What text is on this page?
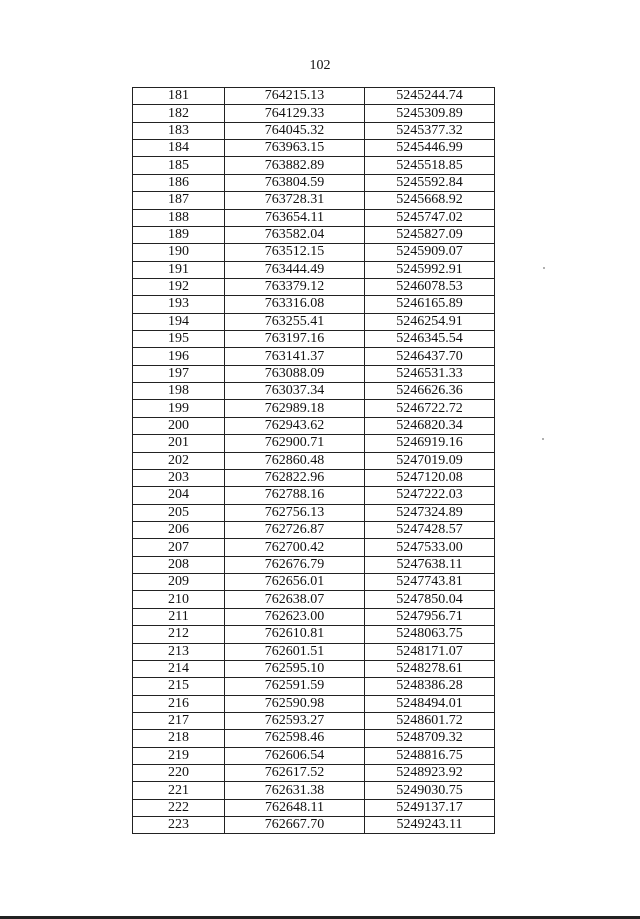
102
181	764215.13	5245244.74
182	764129.33	5245309.89
183	764045.32	5245377.32
184	763963.15	5245446.99
185	763882.89	5245518.85
186	763804.59	5245592.84
187	763728.31	5245668.92
188	763654.11	5245747.02
189	763582.04	5245827.09
190	763512.15	5245909.07
191	763444.49	5245992.91
192	763379.12	5246078.53
193	763316.08	5246165.89
194	763255.41	5246254.91
195	763197.16	5246345.54
196	763141.37	5246437.70
197	763088.09	5246531.33
198	763037.34	5246626.36
199	762989.18	5246722.72
200	762943.62	5246820.34
201	762900.71	5246919.16
202	762860.48	5247019.09
203	762822.96	5247120.08
204	762788.16	5247222.03
205	762756.13	5247324.89
206	762726.87	5247428.57
207	762700.42	5247533.00
208	762676.79	5247638.11
209	762656.01	5247743.81
210	762638.07	5247850.04
211	762623.00	5247956.71
212	762610.81	5248063.75
213	762601.51	5248171.07
214	762595.10	5248278.61
215	762591.59	5248386.28
216	762590.98	5248494.01
217	762593.27	5248601.72
218	762598.46	5248709.32
219	762606.54	5248816.75
220	762617.52	5248923.92
221	762631.38	5249030.75
222	762648.11	5249137.17
223	762667.70	5249243.11
